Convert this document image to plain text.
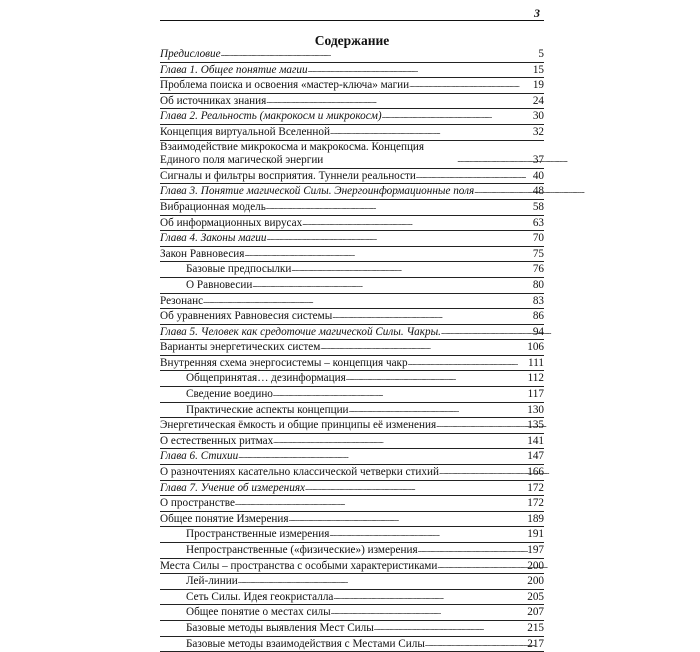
3
Содержание
Предисловие . . .	5
Глава 1. Общее понятие магии . . .	15
Проблема поиска и освоения «мастер-ключа» магии . . .	19
Об источниках знания . . .	24
Глава 2. Реальность (макрокосм и микрокосм) . . .	30
Концепция виртуальной Вселенной . . .	32
Взаимодействие микрокосма и макрокосма. Концепция Единого поля магической энергии . . .	37
Сигналы и фильтры восприятия. Туннели реальности . . .	40
Глава 3. Понятие магической Силы. Энергоинформационные поля . . .	48
Вибрационная модель . . .	58
Об информационных вирусах . . .	63
Глава 4. Законы магии . . .	70
Закон Равновесия . . .	75
Базовые предпосылки . . .	76
О Равновесии . . .	80
Резонанс . . .	83
Об уравнениях Равновесия системы . . .	86
Глава 5. Человек как средоточие магической Силы. Чакры. . . .	94
Варианты энергетических систем . . .	106
Внутренняя схема энергосистемы – концепция чакр . . .	111
Общепринятая… дезинформация . . .	112
Сведение воедино . . .	117
Практические аспекты концепции . . .	130
Энергетическая ёмкость и общие принципы её изменения . . .	135
О естественных ритмах . . .	141
Глава 6. Стихии . . .	147
О разночтениях касательно классической четверки стихий . . .	166
Глава 7. Учение об измерениях . . .	172
О пространстве . . .	172
Общее понятие Измерения . . .	189
Пространственные измерения . . .	191
Непространственные («физические») измерения . . .	197
Места Силы – пространства с особыми характеристиками . . .	200
Лей-линии . . .	200
Сеть Силы. Идея геокристалла . . .	205
Общее понятие о местах силы . . .	207
Базовые методы выявления Мест Силы . . .	215
Базовые методы взаимодействия с Местами Силы . . .	217
